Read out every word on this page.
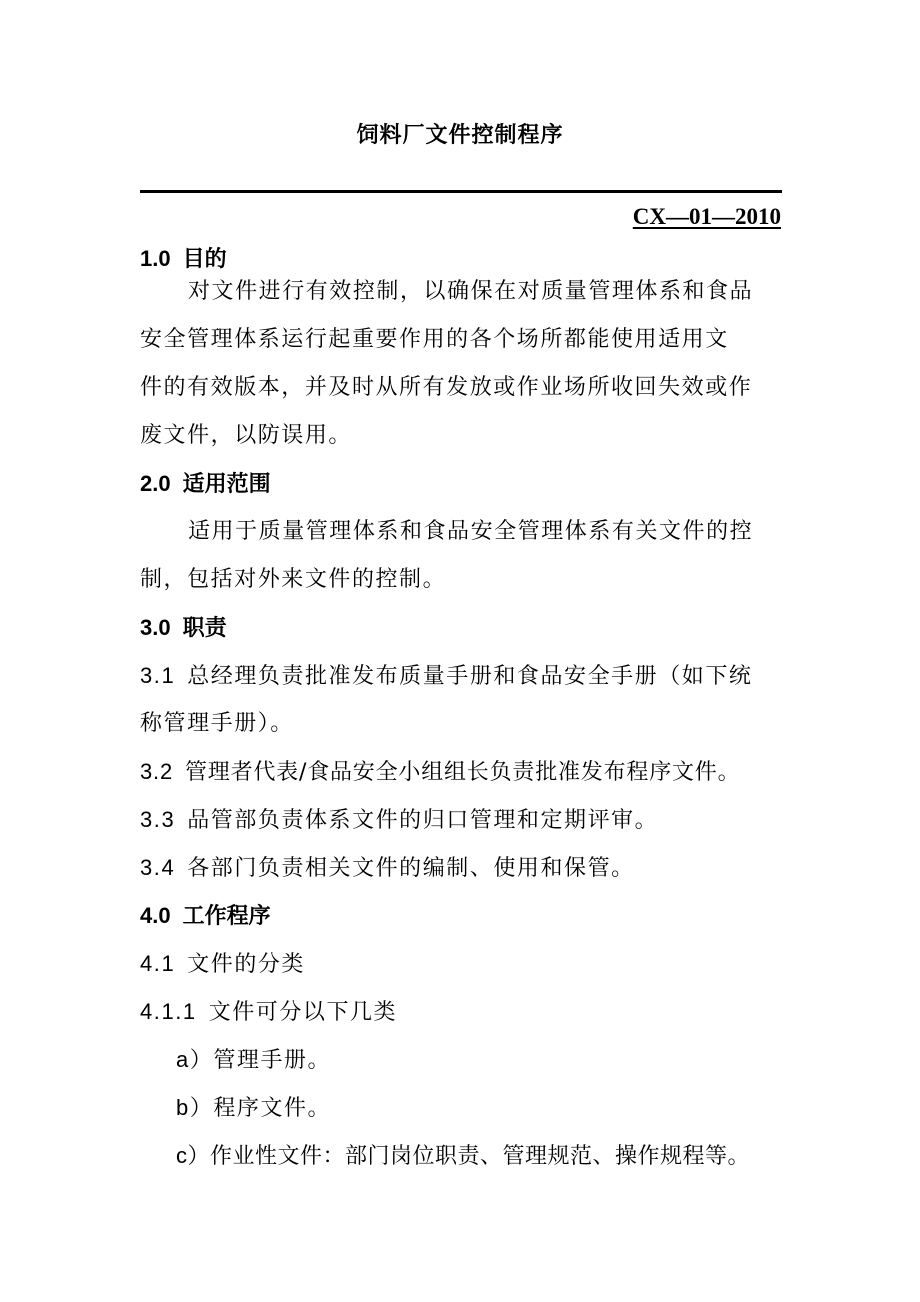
饲料厂文件控制程序
CX—01—2010
1.0 目的
对文件进行有效控制，以确保在对质量管理体系和食品
安全管理体系运行起重要作用的各个场所都能使用适用文
件的有效版本，并及时从所有发放或作业场所收回失效或作
废文件，以防误用。
2.0 适用范围
适用于质量管理体系和食品安全管理体系有关文件的控
制，包括对外来文件的控制。
3.0 职责
3.1 总经理负责批准发布质量手册和食品安全手册（如下统
称管理手册）。
3.2 管理者代表/食品安全小组组长负责批准发布程序文件。
3.3 品管部负责体系文件的归口管理和定期评审。
3.4 各部门负责相关文件的编制、使用和保管。
4.0 工作程序
4.1 文件的分类
4.1.1 文件可分以下几类
a）管理手册。
b）程序文件。
c）作业性文件：部门岗位职责、管理规范、操作规程等。
